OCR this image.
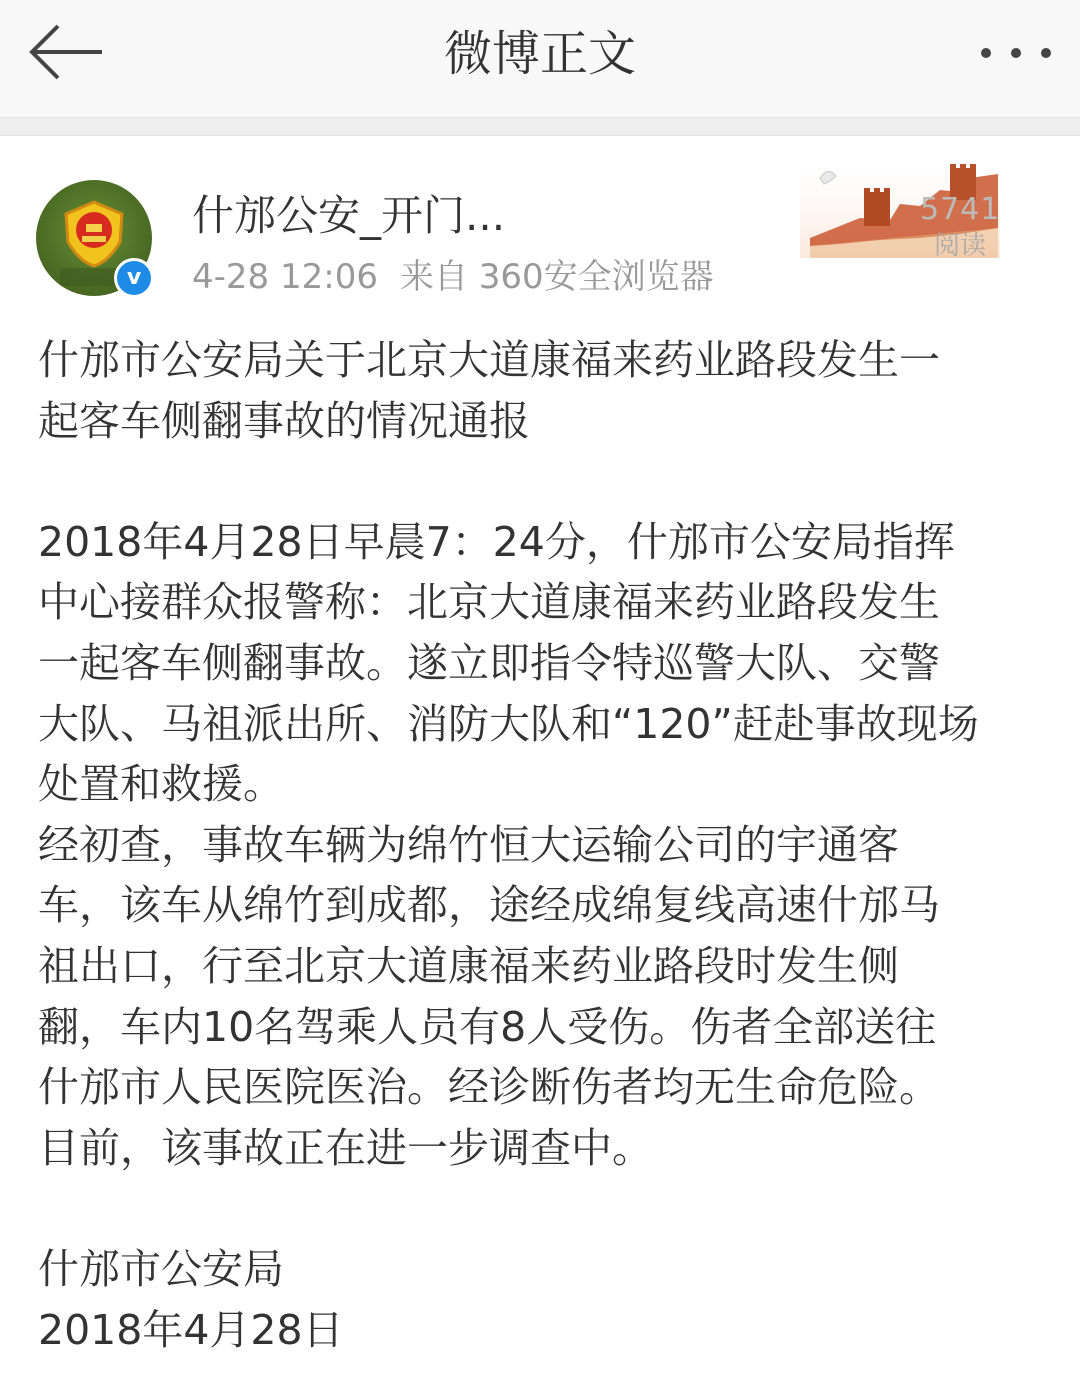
微博正文
v
什邡公安_开门...
4-28 12:06 来自 360安全浏览器
5741
阅读

什邡市公安局关于北京大道康福来药业路段发生一

起客车侧翻事故的情况通报

2018年4月28日早晨7：24分，什邡市公安局指挥

中心接群众报警称：北京大道康福来药业路段发生

一起客车侧翻事故。遂立即指令特巡警大队、交警

大队、马祖派出所、消防大队和“120”赶赴事故现场

处置和救援。

经初查，事故车辆为绵竹恒大运输公司的宇通客

车，该车从绵竹到成都，途经成绵复线高速什邡马

祖出口，行至北京大道康福来药业路段时发生侧

翻，车内10名驾乘人员有8人受伤。伤者全部送往

什邡市人民医院医治。经诊断伤者均无生命危险。

目前，该事故正在进一步调查中。

什邡市公安局

2018年4月28日
